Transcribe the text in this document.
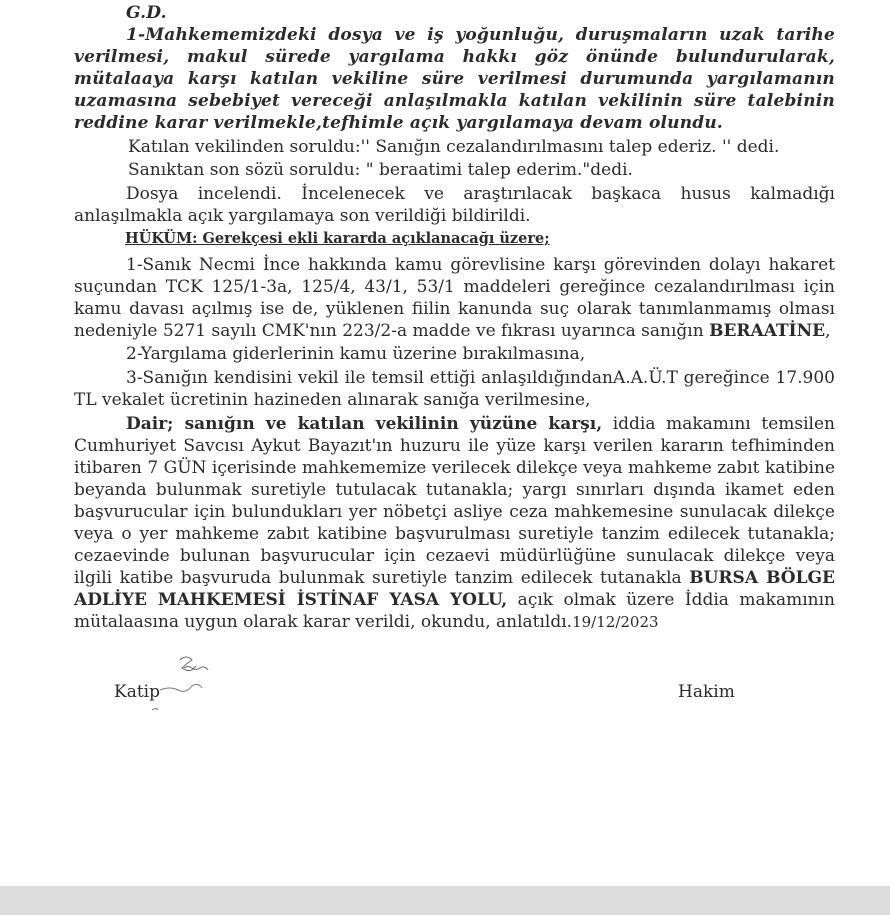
G.D.

1-Mahkememizdeki dosya ve iş yoğunluğu, duruşmaların uzak tarihe verilmesi, makul sürede yargılama hakkı göz önünde bulundurularak, mütalaaya karşı katılan vekiline süre verilmesi durumunda yargılamanın uzamasına sebebiyet vereceği anlaşılmakla katılan vekilinin süre talebinin reddine karar verilmekle,tefhimle açık yargılamaya devam olundu.

Katılan vekilinden soruldu:'' Sanığın cezalandırılmasını talep ederiz. '' dedi.

Sanıktan son sözü soruldu: " beraatimi talep ederim."dedi.

Dosya incelendi. İncelenecek ve araştırılacak başkaca husus kalmadığı anlaşılmakla açık yargılamaya son verildiği bildirildi.

HÜKÜM: Gerekçesi ekli kararda açıklanacağı üzere;

1-Sanık Necmi İnce hakkında kamu görevlisine karşı görevinden dolayı hakaret suçundan TCK 125/1-3a, 125/4, 43/1, 53/1 maddeleri gereğince cezalandırılması için kamu davası açılmış ise de, yüklenen fiilin kanunda suç olarak tanımlanmamış olması nedeniyle 5271 sayılı CMK'nın 223/2-a madde ve fıkrası uyarınca sanığın BERAATİNE,

2-Yargılama giderlerinin kamu üzerine bırakılmasına,

3-Sanığın kendisini vekil ile temsil ettiği anlaşıldığındanA.A.Ü.T gereğince 17.900 TL vekalet ücretinin hazineden alınarak sanığa verilmesine,

Dair; sanığın ve katılan vekilinin yüzüne karşı, iddia makamını temsilen Cumhuriyet Savcısı Aykut Bayazıt'ın huzuru ile yüze karşı verilen kararın tefhiminden itibaren 7 GÜN içerisinde mahkememize verilecek dilekçe veya mahkeme zabıt katibine beyanda bulunmak suretiyle tutulacak tutanakla; yargı sınırları dışında ikamet eden başvurucular için bulundukları yer nöbetçi asliye ceza mahkemesine sunulacak dilekçe veya o yer mahkeme zabıt katibine başvurulması suretiyle tanzim edilecek tutanakla; cezaevinde bulunan başvurucular için cezaevi müdürlüğüne sunulacak dilekçe veya ilgili katibe başvuruda bulunmak suretiyle tanzim edilecek tutanakla BURSA BÖLGE ADLİYE MAHKEMESİ İSTİNAF YASA YOLU, açık olmak üzere İddia makamının mütalaasına uygun olarak karar verildi, okundu, anlatıldı.19/12/2023

Katip	Hakim
